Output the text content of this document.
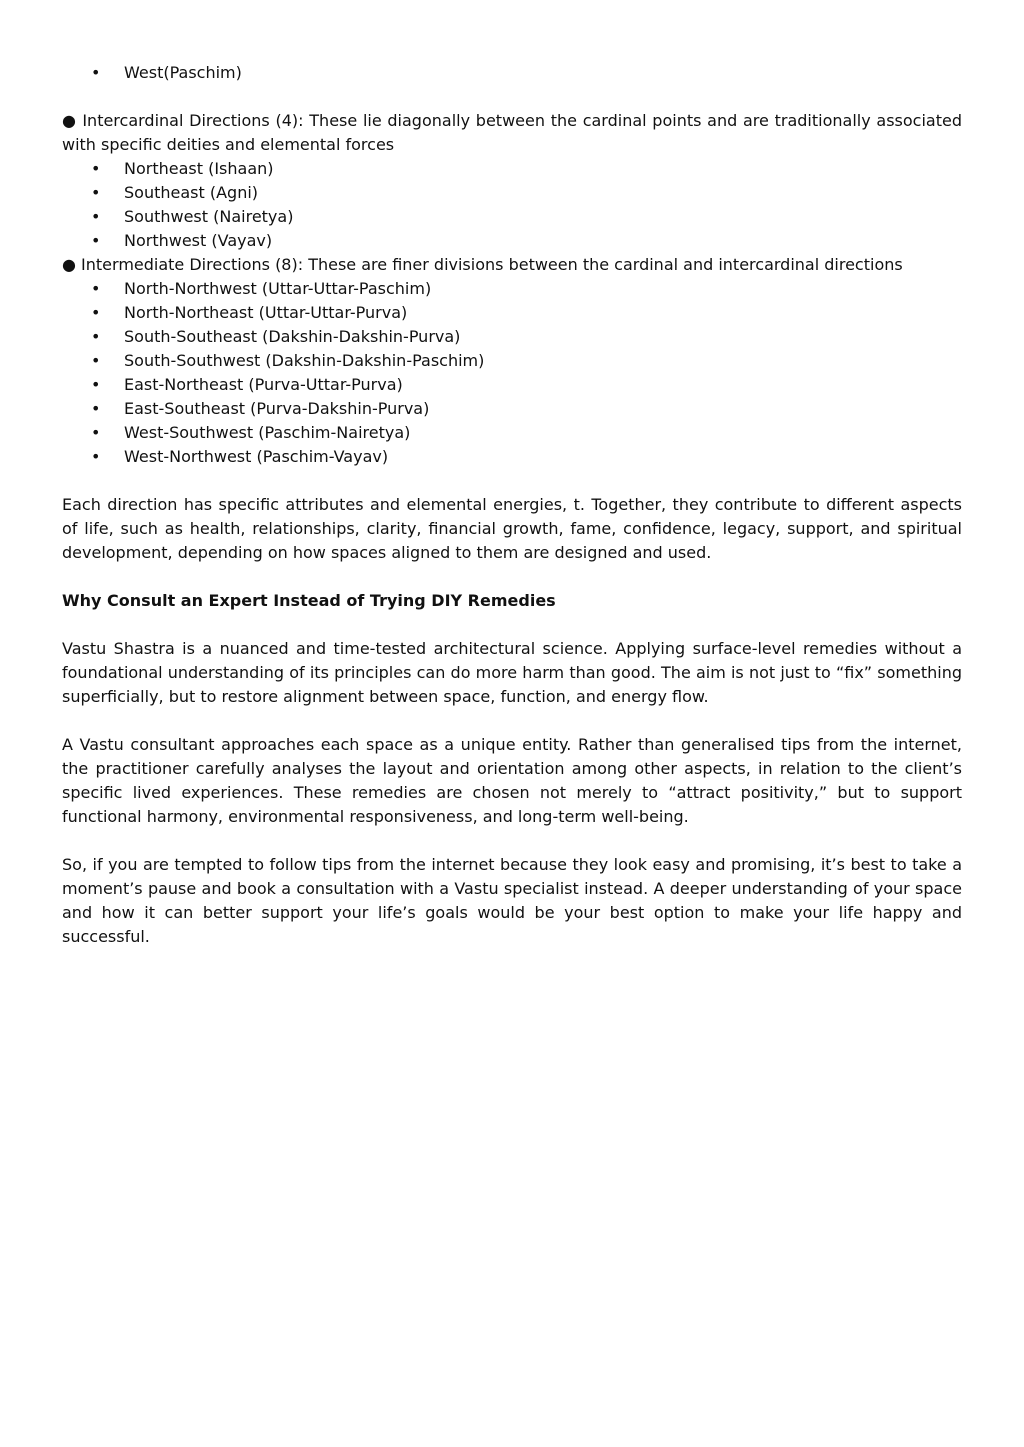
• West(Paschim)

● Intercardinal Directions (4): These lie diagonally between the cardinal points and are traditionally associated with specific deities and elemental forces

• Northeast (Ishaan)
• Southeast (Agni)
• Southwest (Nairetya)
• Northwest (Vayav)

● Intermediate Directions (8): These are finer divisions between the cardinal and intercardinal directions

• North-Northwest (Uttar-Uttar-Paschim)
• North-Northeast (Uttar-Uttar-Purva)
• South-Southeast (Dakshin-Dakshin-Purva)
• South-Southwest (Dakshin-Dakshin-Paschim)
• East-Northeast (Purva-Uttar-Purva)
• East-Southeast (Purva-Dakshin-Purva)
• West-Southwest (Paschim-Nairetya)
• West-Northwest (Paschim-Vayav)

Each direction has specific attributes and elemental energies, t. Together, they contribute to different aspects of life, such as health, relationships, clarity, financial growth, fame, confidence, legacy, support, and spiritual development, depending on how spaces aligned to them are designed and used.

Why Consult an Expert Instead of Trying DIY Remedies

Vastu Shastra is a nuanced and time-tested architectural science. Applying surface-level remedies without a foundational understanding of its principles can do more harm than good. The aim is not just to “fix” something superficially, but to restore alignment between space, function, and energy flow.

A Vastu consultant approaches each space as a unique entity. Rather than generalised tips from the internet, the practitioner carefully analyses the layout and orientation among other aspects, in relation to the client’s specific lived experiences. These remedies are chosen not merely to “attract positivity,” but to support functional harmony, environmental responsiveness, and long-term well-being.

So, if you are tempted to follow tips from the internet because they look easy and promising, it’s best to take a moment’s pause and book a consultation with a Vastu specialist instead. A deeper understanding of your space and how it can better support your life’s goals would be your best option to make your life happy and successful.
